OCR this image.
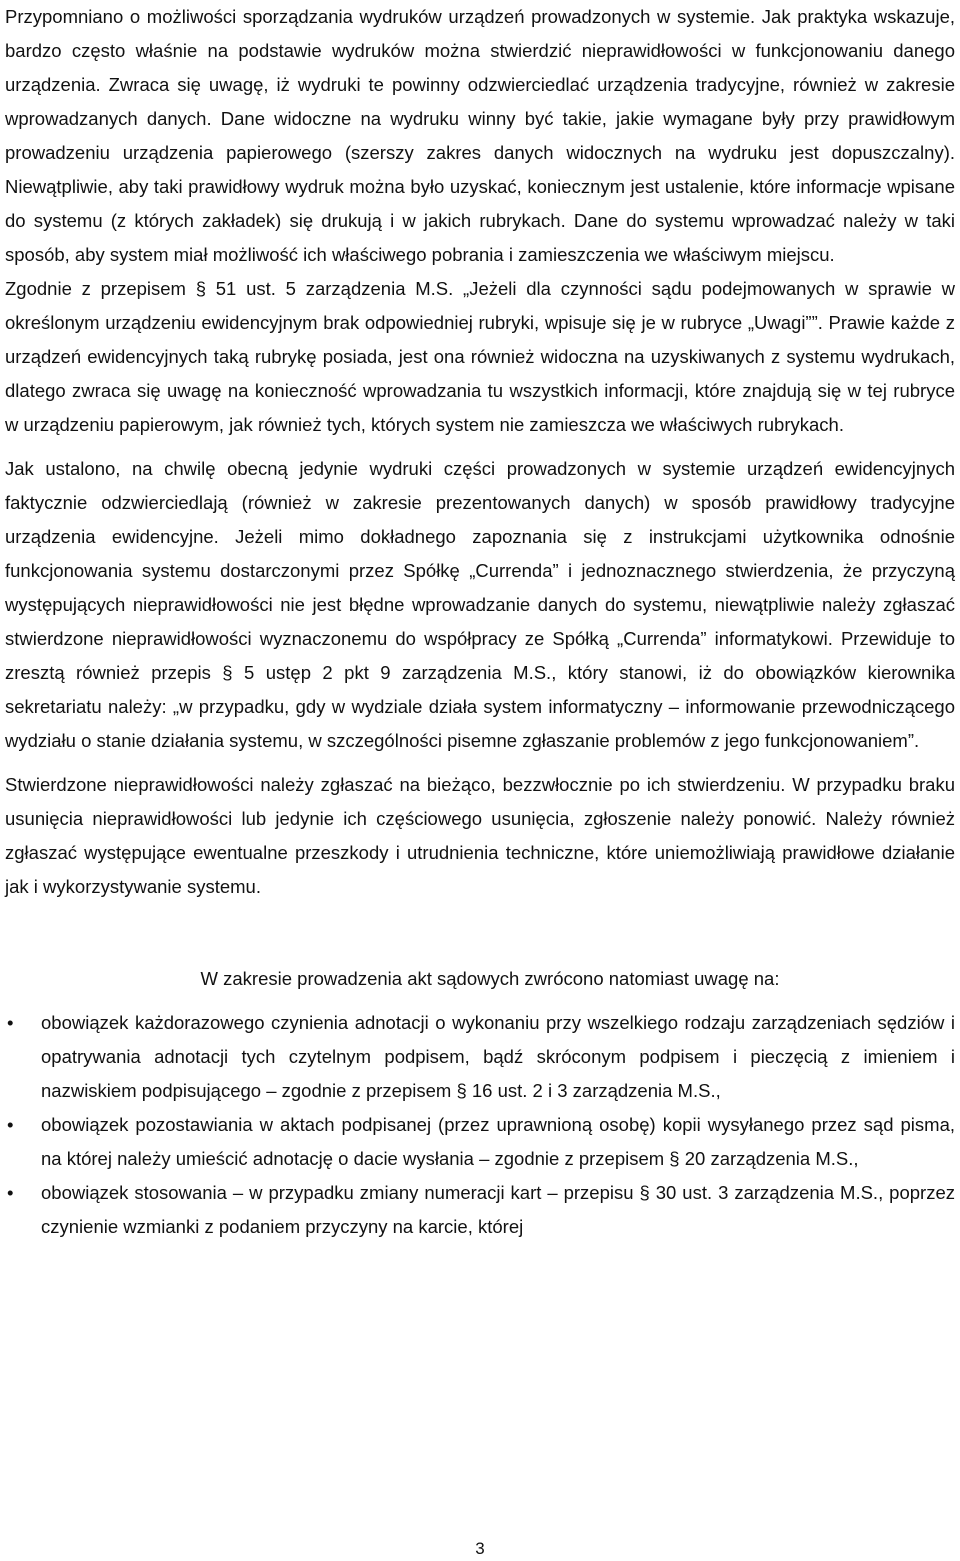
Przypomniano o możliwości sporządzania wydruków urządzeń prowadzonych w systemie. Jak praktyka wskazuje, bardzo często właśnie na podstawie wydruków można stwierdzić nieprawidłowości w funkcjonowaniu danego urządzenia. Zwraca się uwagę, iż wydruki te powinny odzwierciedlać urządzenia tradycyjne, również w zakresie wprowadzanych danych. Dane widoczne na wydruku winny być takie, jakie wymagane były przy prawidłowym prowadzeniu urządzenia papierowego (szerszy zakres danych widocznych na wydruku jest dopuszczalny). Niewątpliwie, aby taki prawidłowy wydruk można było uzyskać, koniecznym jest ustalenie, które informacje wpisane do systemu (z których zakładek) się drukują i w jakich rubrykach. Dane do systemu wprowadzać należy w taki sposób, aby system miał możliwość ich właściwego pobrania i zamieszczenia we właściwym miejscu.

Zgodnie z przepisem § 51 ust. 5 zarządzenia M.S. „Jeżeli dla czynności sądu podejmowanych w sprawie w określonym urządzeniu ewidencyjnym brak odpowiedniej rubryki, wpisuje się je w rubryce „Uwagi””. Prawie każde z urządzeń ewidencyjnych taką rubrykę posiada, jest ona również widoczna na uzyskiwanych z systemu wydrukach, dlatego zwraca się uwagę na konieczność wprowadzania tu wszystkich informacji, które znajdują się w tej rubryce w urządzeniu papierowym, jak również tych, których system nie zamieszcza we właściwych rubrykach.

Jak ustalono, na chwilę obecną jedynie wydruki części prowadzonych w systemie urządzeń ewidencyjnych faktycznie odzwierciedlają (również w zakresie prezentowanych danych) w sposób prawidłowy tradycyjne urządzenia ewidencyjne. Jeżeli mimo dokładnego zapoznania się z instrukcjami użytkownika odnośnie funkcjonowania systemu dostarczonymi przez Spółkę „Currenda” i jednoznacznego stwierdzenia, że przyczyną występujących nieprawidłowości nie jest błędne wprowadzanie danych do systemu, niewątpliwie należy zgłaszać stwierdzone nieprawidłowości wyznaczonemu do współpracy ze Spółką „Currenda” informatykowi. Przewiduje to zresztą również przepis § 5 ustęp 2 pkt 9 zarządzenia M.S., który stanowi, iż do obowiązków kierownika sekretariatu należy: „w przypadku, gdy w wydziale działa system informatyczny – informowanie przewodniczącego wydziału o stanie działania systemu, w szczególności pisemne zgłaszanie problemów z jego funkcjonowaniem”.

Stwierdzone nieprawidłowości należy zgłaszać na bieżąco, bezzwłocznie po ich stwierdzeniu. W przypadku braku usunięcia nieprawidłowości lub jedynie ich częściowego usunięcia, zgłoszenie należy ponowić. Należy również zgłaszać występujące ewentualne przeszkody i utrudnienia techniczne, które uniemożliwiają prawidłowe działanie jak i wykorzystywanie systemu.

W zakresie prowadzenia akt sądowych zwrócono natomiast uwagę na:

•	obowiązek każdorazowego czynienia adnotacji o wykonaniu przy wszelkiego rodzaju zarządzeniach sędziów i opatrywania adnotacji tych czytelnym podpisem, bądź skróconym podpisem i pieczęcią z imieniem i nazwiskiem podpisującego – zgodnie z przepisem § 16 ust. 2 i 3 zarządzenia M.S.,
•	obowiązek pozostawiania w aktach podpisanej (przez uprawnioną osobę) kopii wysyłanego przez sąd pisma, na której należy umieścić adnotację o dacie wysłania – zgodnie z przepisem § 20 zarządzenia M.S.,
•	obowiązek stosowania – w przypadku zmiany numeracji kart – przepisu § 30 ust. 3 zarządzenia M.S., poprzez czynienie wzmianki z podaniem przyczyny na karcie, której
3
